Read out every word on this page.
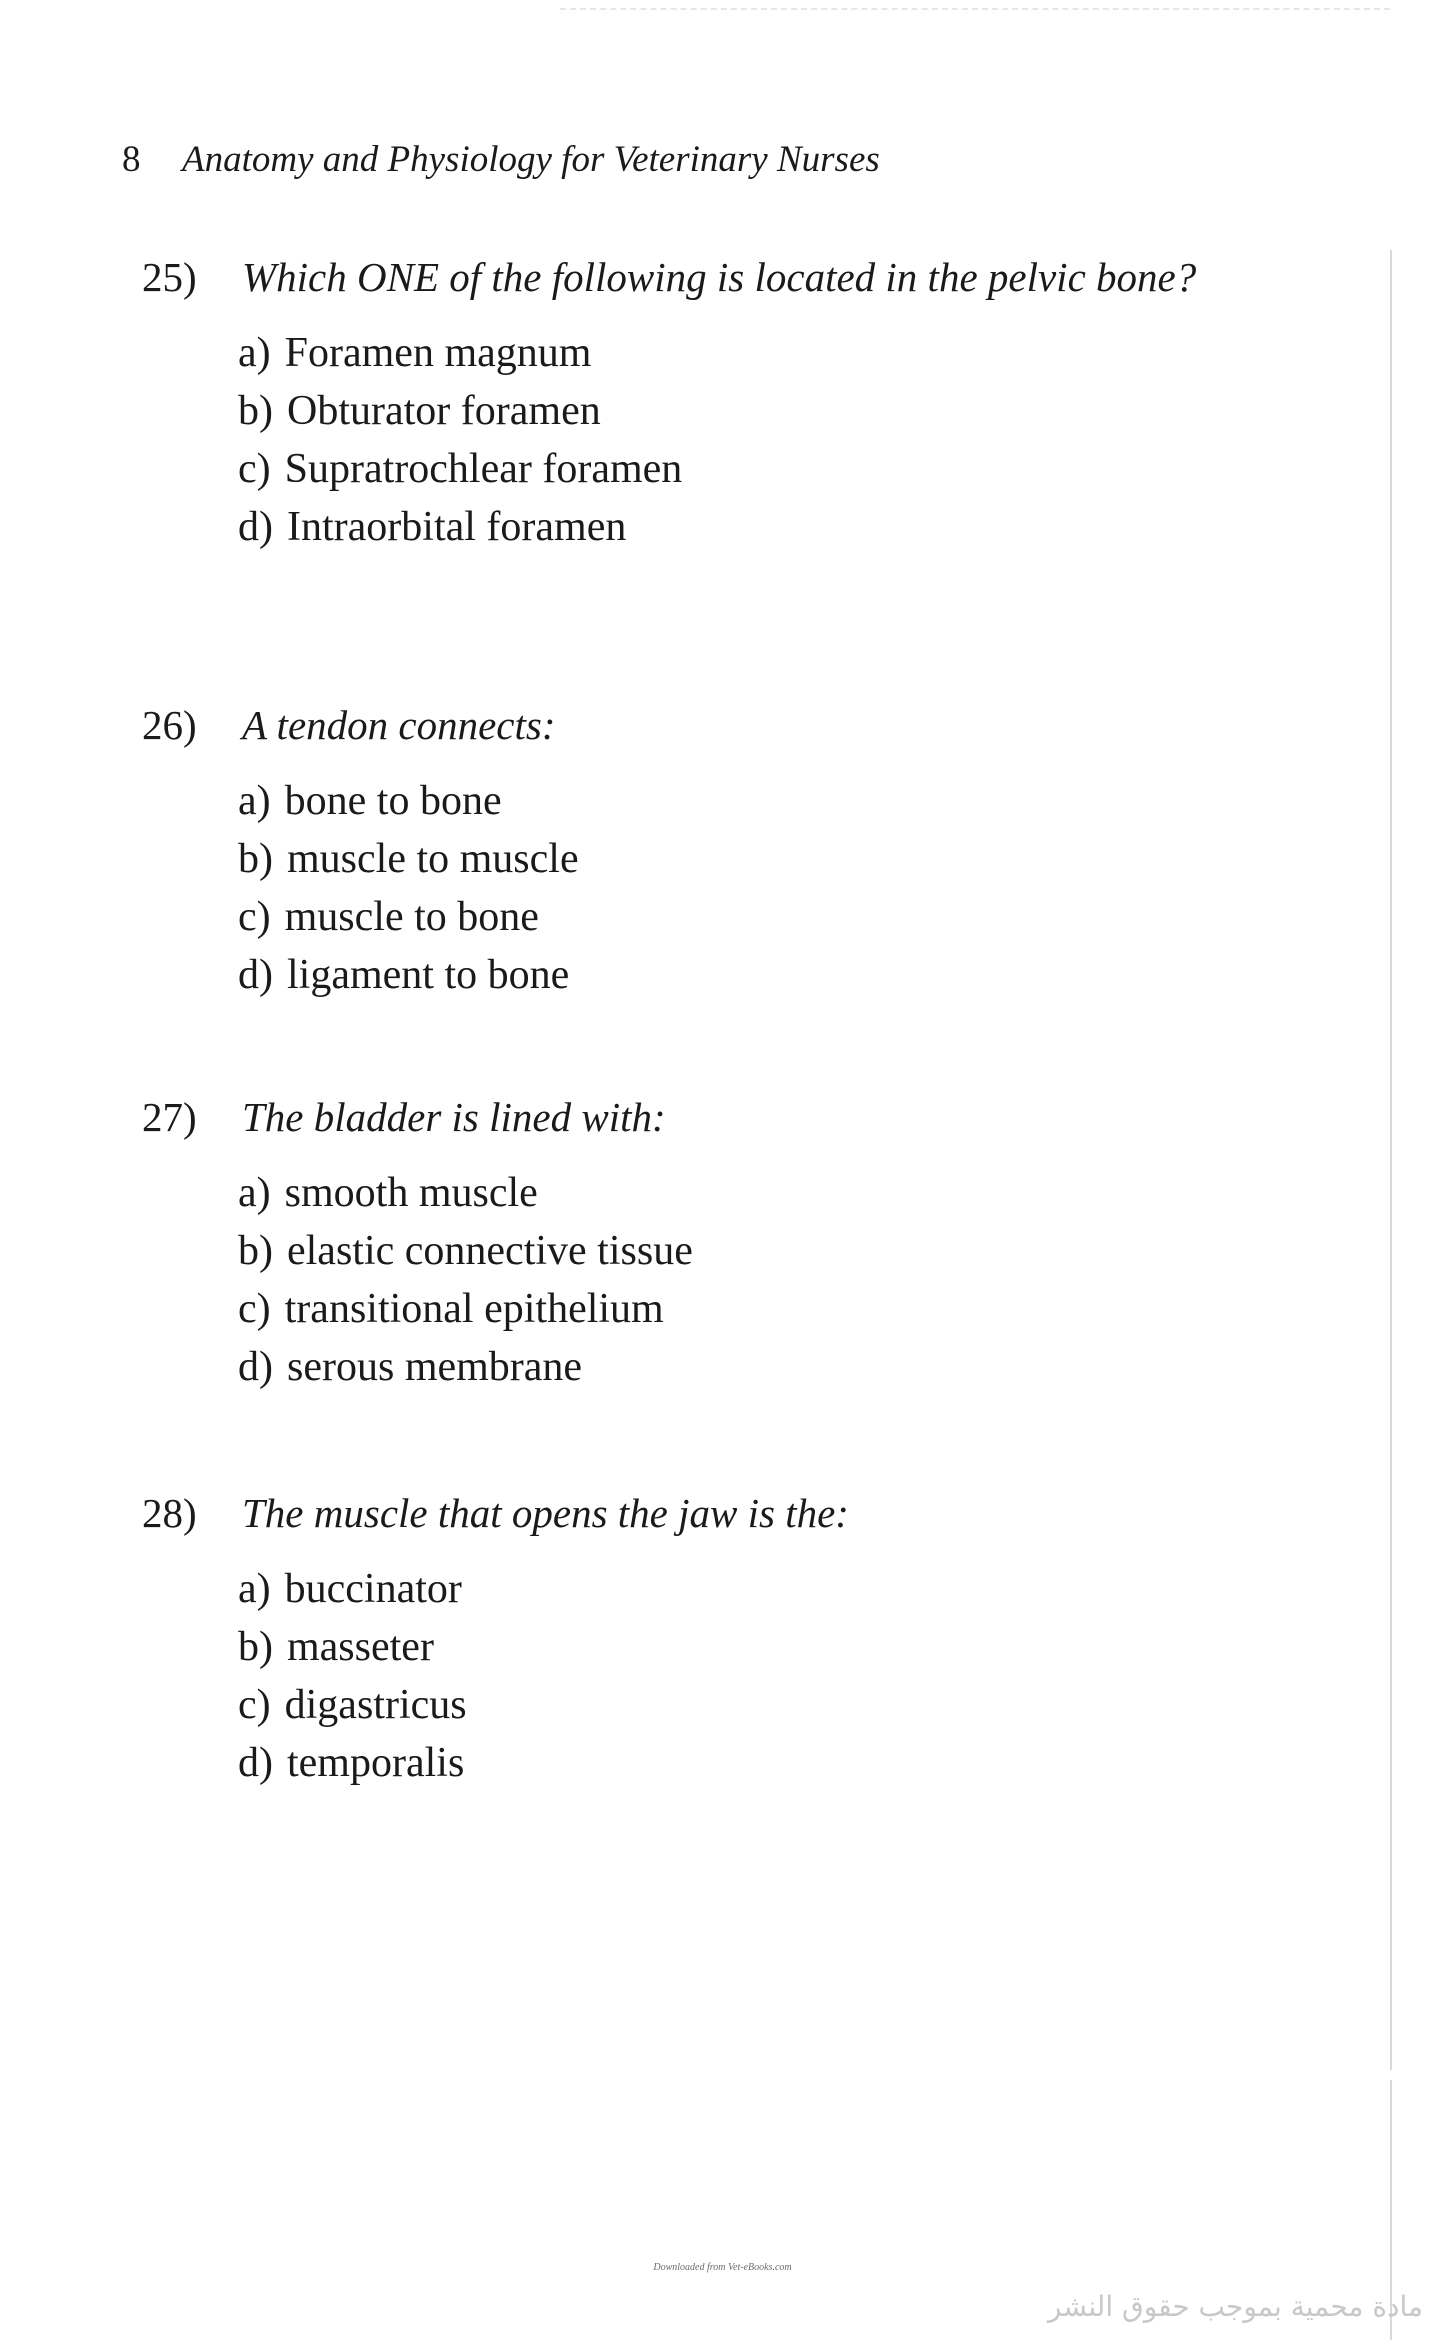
8 Anatomy and Physiology for Veterinary Nurses
25) Which ONE of the following is located in the pelvic bone?
a) Foramen magnum
b) Obturator foramen
c) Supratrochlear foramen
d) Intraorbital foramen
26) A tendon connects:
a) bone to bone
b) muscle to muscle
c) muscle to bone
d) ligament to bone
27) The bladder is lined with:
a) smooth muscle
b) elastic connective tissue
c) transitional epithelium
d) serous membrane
28) The muscle that opens the jaw is the:
a) buccinator
b) masseter
c) digastricus
d) temporalis
Downloaded from Vet-eBooks.com
مادة محمية بموجب حقوق النشر
